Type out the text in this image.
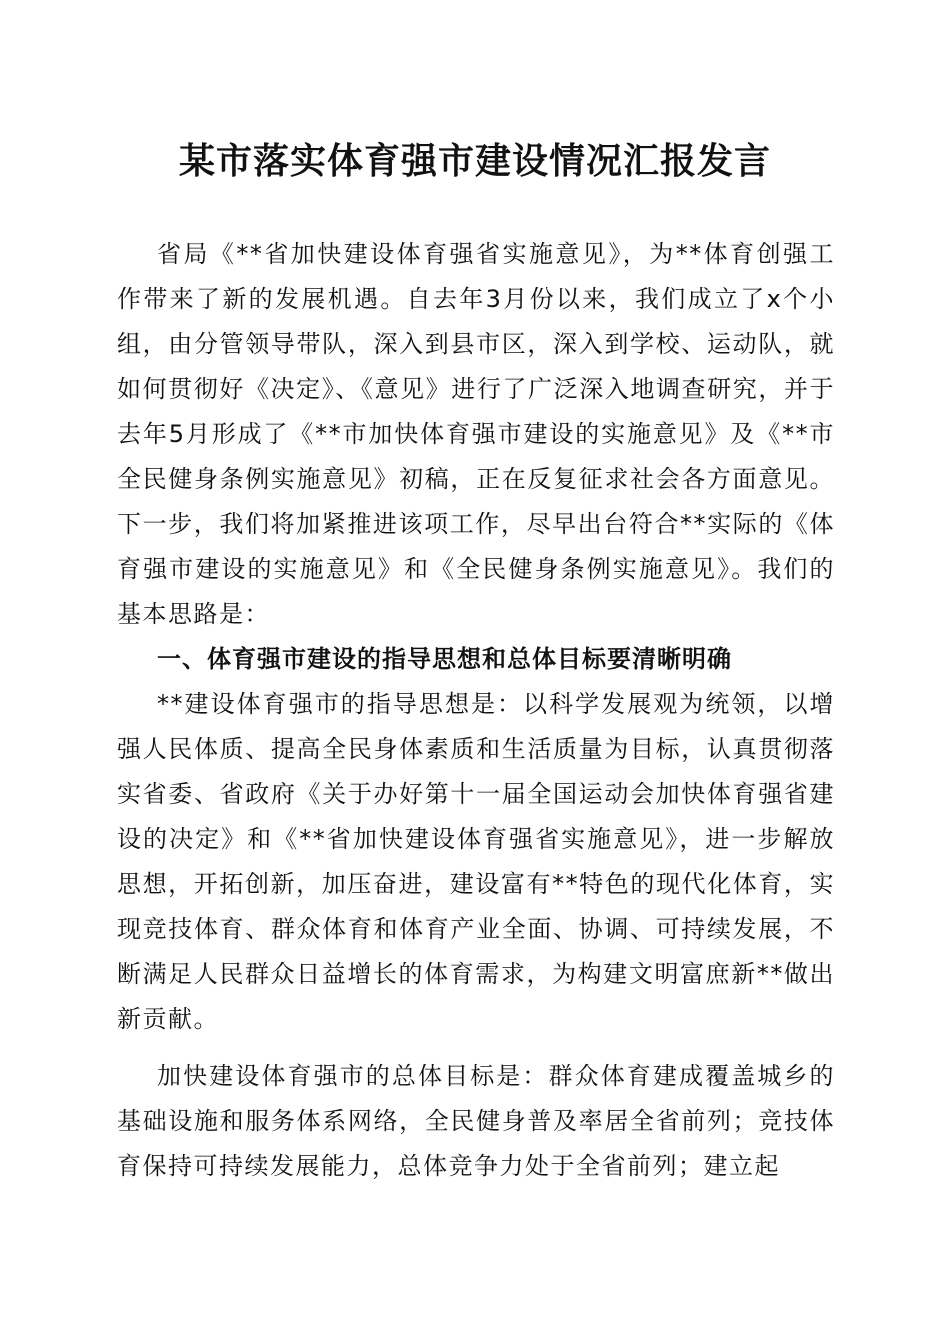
某市落实体育强市建设情况汇报发言

省局《**省加快建设体育强省实施意见》，为**体育创强工作带来了新的发展机遇。自去年3月份以来，我们成立了x个小组，由分管领导带队，深入到县市区，深入到学校、运动队，就如何贯彻好《决定》、《意见》进行了广泛深入地调查研究，并于去年5月形成了《**市加快体育强市建设的实施意见》及《**市全民健身条例实施意见》初稿，正在反复征求社会各方面意见。下一步，我们将加紧推进该项工作，尽早出台符合**实际的《体育强市建设的实施意见》和《全民健身条例实施意见》。我们的基本思路是：

一、体育强市建设的指导思想和总体目标要清晰明确

**建设体育强市的指导思想是：以科学发展观为统领，以增强人民体质、提高全民身体素质和生活质量为目标，认真贯彻落实省委、省政府《关于办好第十一届全国运动会加快体育强省建设的决定》和《**省加快建设体育强省实施意见》，进一步解放思想，开拓创新，加压奋进，建设富有**特色的现代化体育，实现竞技体育、群众体育和体育产业全面、协调、可持续发展，不断满足人民群众日益增长的体育需求，为构建文明富庶新**做出新贡献。

加快建设体育强市的总体目标是：群众体育建成覆盖城乡的基础设施和服务体系网络，全民健身普及率居全省前列；竞技体育保持可持续发展能力，总体竞争力处于全省前列；建立起
